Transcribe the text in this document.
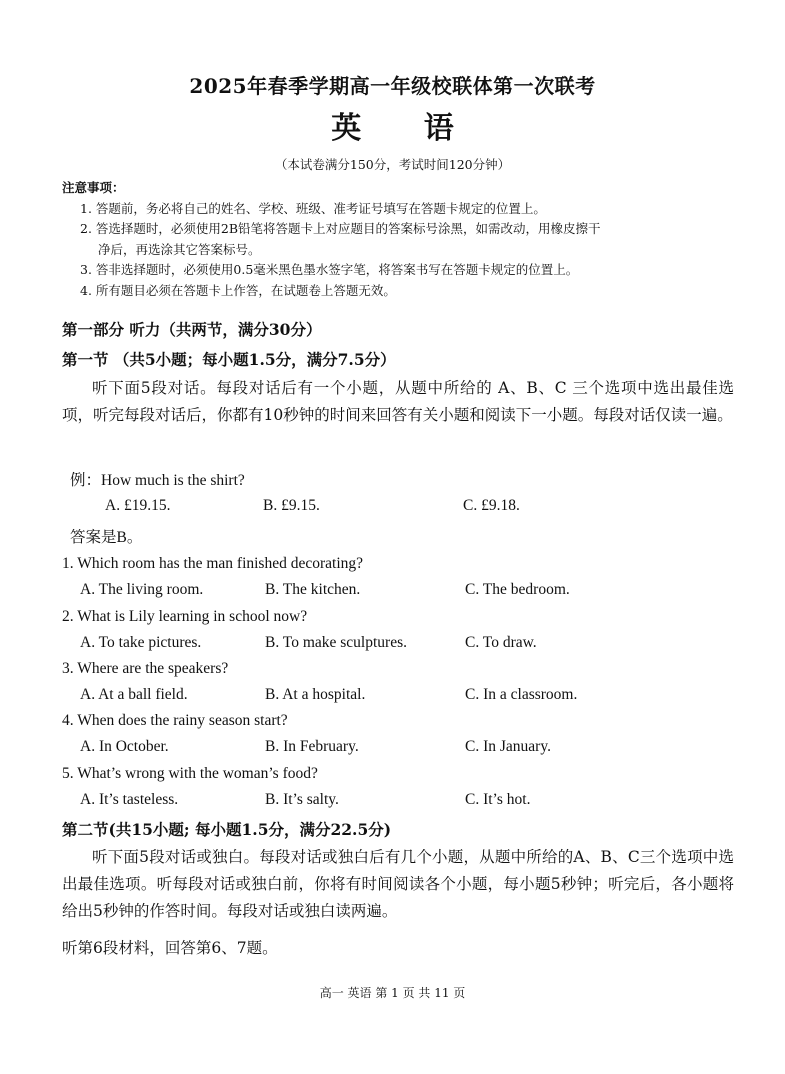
2025年春季学期高一年级校联体第一次联考
英 语
（本试卷满分150分，考试时间120分钟）
注意事项：
1. 答题前，务必将自己的姓名、学校、班级、准考证号填写在答题卡规定的位置上。
2. 答选择题时，必须使用2B铅笔将答题卡上对应题目的答案标号涂黑，如需改动，用橡皮擦干
净后，再选涂其它答案标号。
3. 答非选择题时，必须使用0.5毫米黑色墨水签字笔，将答案书写在答题卡规定的位置上。
4. 所有题目必须在答题卡上作答，在试题卷上答题无效。
第一部分 听力（共两节，满分30分）
第一节 （共5小题；每小题1.5分，满分7.5分）
听下面5段对话。每段对话后有一个小题，从题中所给的 A、B、C 三个选项中选出最佳选项，听完每段对话后，你都有10秒钟的时间来回答有关小题和阅读下一小题。每段对话仅读一遍。
例：How much is the shirt?
A. £19.15.	B. £9.15.	C. £9.18.
答案是B。
1. Which room has the man finished decorating?
A. The living room.	B. The kitchen.	C. The bedroom.
2. What is Lily learning in school now?
A. To take pictures.	B. To make sculptures.	C. To draw.
3. Where are the speakers?
A. At a ball field.	B. At a hospital.	C. In a classroom.
4. When does the rainy season start?
A. In October.	B. In February.	C. In January.
5. What’s wrong with the woman’s food?
A. It’s tasteless.	B. It’s salty.	C. It’s hot.
第二节(共15小题; 每小题1.5分，满分22.5分)
听下面5段对话或独白。每段对话或独白后有几个小题，从题中所给的A、B、C三个选项中选出最佳选项。听每段对话或独白前，你将有时间阅读各个小题，每小题5秒钟；听完后，各小题将给出5秒钟的作答时间。每段对话或独白读两遍。
听第6段材料，回答第6、7题。
高一 英语 第 1 页 共 11 页
